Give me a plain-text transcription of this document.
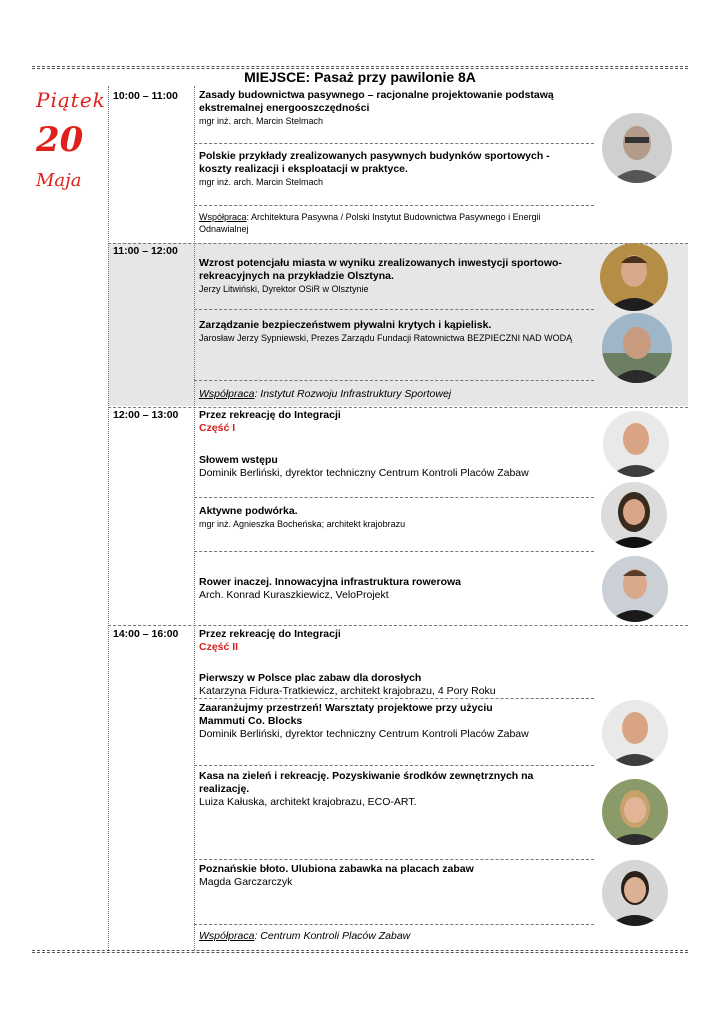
MIEJSCE: Pasaż przy pawilonie 8A
Piątek
20
Maja
10:00 – 11:00 Zasady budownictwa pasywnego – racjonalne projektowanie podstawą ekstremalnej energooszczędności
mgr inż. arch. Marcin Stelmach
Polskie przykłady zrealizowanych pasywnych budynków sportowych - koszty realizacji i eksploatacji w praktyce.
mgr inż. arch. Marcin Stelmach
Współpraca: Architektura Pasywna / Polski Instytut Budownictwa Pasywnego i Energii Odnawialnej
11:00 – 12:00
Wzrost potencjału miasta w wyniku zrealizowanych inwestycji sportowo-rekreacyjnych na przykładzie Olsztyna.
Jerzy Litwiński, Dyrektor OSiR w Olsztynie
Zarządzanie bezpieczeństwem pływalni krytych i kąpielisk.
Jarosław Jerzy Sypniewski, Prezes Zarządu Fundacji Ratownictwa BEZPIECZNI NAD WODĄ
Współpraca: Instytut Rozwoju Infrastruktury Sportowej
12:00 – 13:00 Przez rekreację do Integracji
Część I
Słowem wstępu
Dominik Berliński, dyrektor techniczny Centrum Kontroli Placów Zabaw
Aktywne podwórka.
mgr inż. Agnieszka Bocheńska; architekt krajobrazu
Rower inaczej. Innowacyjna infrastruktura rowerowa
Arch. Konrad Kuraszkiewicz, VeloProjekt
14:00 – 16:00 Przez rekreację do Integracji
Część II
Pierwszy w Polsce plac zabaw dla dorosłych
Katarzyna Fidura-Tratkiewicz, architekt krajobrazu, 4 Pory Roku
Zaaranżujmy przestrzeń! Warsztaty projektowe przy użyciu Mammuti Co. Blocks
Dominik Berliński, dyrektor techniczny Centrum Kontroli Placów Zabaw
Kasa na zieleń i rekreację. Pozyskiwanie środków zewnętrznych na realizację.
Luiza Kałuska, architekt krajobrazu, ECO-ART.
Poznańskie błoto. Ulubiona zabawka na placach zabaw
Magda Garczarczyk
Współpraca: Centrum Kontroli Placów Zabaw
